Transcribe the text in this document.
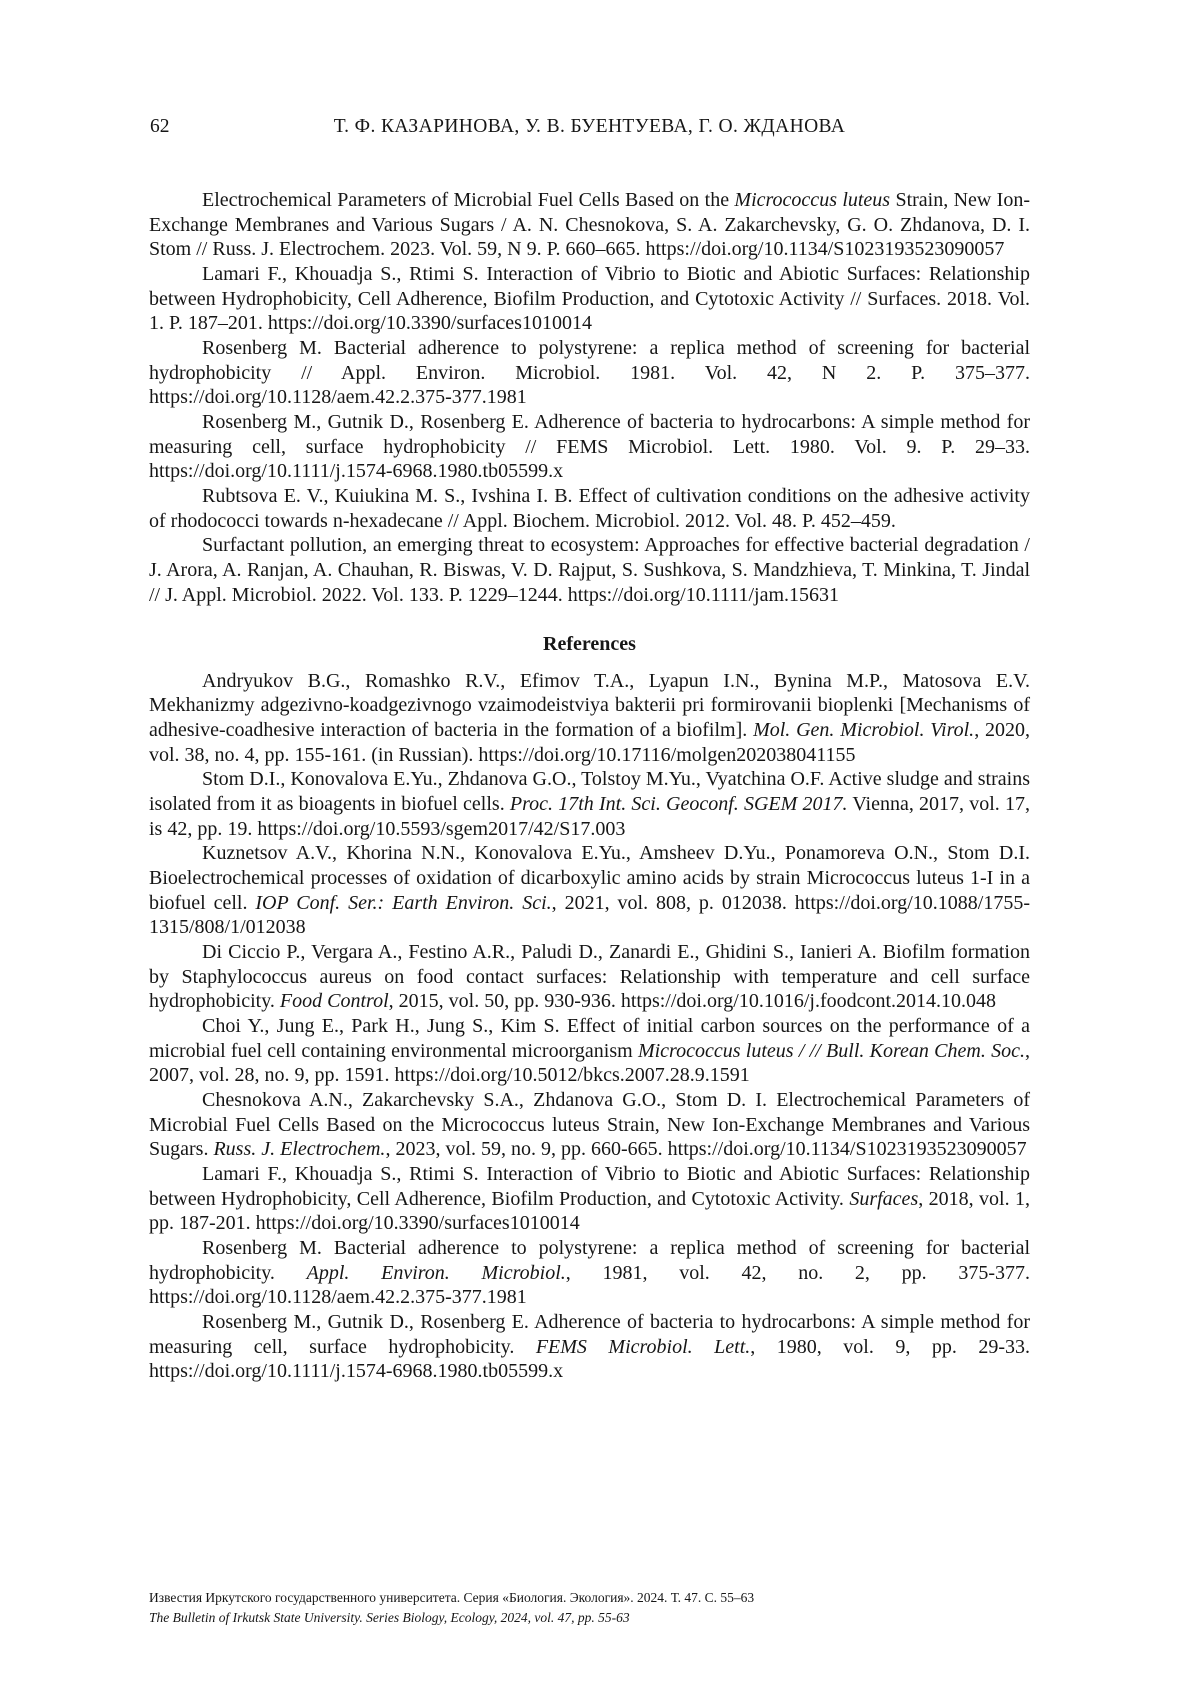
62	Т. Ф. КАЗАРИНОВА, У. В. БУЕНТУЕВА, Г. О. ЖДАНОВА

Electrochemical Parameters of Microbial Fuel Cells Based on the Micrococcus luteus Strain, New Ion-Exchange Membranes and Various Sugars / A. N. Chesnokova, S. A. Zakarchevsky, G. O. Zhdanova, D. I. Stom // Russ. J. Electrochem. 2023. Vol. 59, N 9. P. 660–665. https://doi.org/10.1134/S1023193523090057

Lamari F., Khouadja S., Rtimi S. Interaction of Vibrio to Biotic and Abiotic Surfaces: Relationship between Hydrophobicity, Cell Adherence, Biofilm Production, and Cytotoxic Activity // Surfaces. 2018. Vol. 1. P. 187–201. https://doi.org/10.3390/surfaces1010014

Rosenberg M. Bacterial adherence to polystyrene: a replica method of screening for bacterial hydrophobicity // Appl. Environ. Microbiol. 1981. Vol. 42, N 2. P. 375–377. https://doi.org/10.1128/aem.42.2.375-377.1981

Rosenberg M., Gutnik D., Rosenberg E. Adherence of bacteria to hydrocarbons: A simple method for measuring cell, surface hydrophobicity // FEMS Microbiol. Lett. 1980. Vol. 9. P. 29–33. https://doi.org/10.1111/j.1574-6968.1980.tb05599.x

Rubtsova E. V., Kuiukina M. S., Ivshina I. B. Effect of cultivation conditions on the adhesive activity of rhodococci towards n-hexadecane // Appl. Biochem. Microbiol. 2012. Vol. 48. P. 452–459.

Surfactant pollution, an emerging threat to ecosystem: Approaches for effective bacterial degradation / J. Arora, A. Ranjan, A. Chauhan, R. Biswas, V. D. Rajput, S. Sushkova, S. Mandzhieva, T. Minkina, T. Jindal // J. Appl. Microbiol. 2022. Vol. 133. P. 1229–1244. https://doi.org/10.1111/jam.15631

References

Andryukov B.G., Romashko R.V., Efimov T.A., Lyapun I.N., Bynina M.P., Matosova E.V. Mekhanizmy adgezivno-koadgezivnogo vzaimodeistviya bakterii pri formirovanii bioplenki [Mechanisms of adhesive-coadhesive interaction of bacteria in the formation of a biofilm]. Mol. Gen. Microbiol. Virol., 2020, vol. 38, no. 4, pp. 155-161. (in Russian). https://doi.org/10.17116/molgen202038041155

Stom D.I., Konovalova E.Yu., Zhdanova G.O., Tolstoy M.Yu., Vyatchina O.F. Active sludge and strains isolated from it as bioagents in biofuel cells. Proc. 17th Int. Sci. Geoconf. SGEM 2017. Vienna, 2017, vol. 17, is 42, pp. 19. https://doi.org/10.5593/sgem2017/42/S17.003

Kuznetsov A.V., Khorina N.N., Konovalova E.Yu., Amsheev D.Yu., Ponamoreva O.N., Stom D.I. Bioelectrochemical processes of oxidation of dicarboxylic amino acids by strain Micrococcus luteus 1-I in a biofuel cell. IOP Conf. Ser.: Earth Environ. Sci., 2021, vol. 808, p. 012038. https://doi.org/10.1088/1755-1315/808/1/012038

Di Ciccio P., Vergara A., Festino A.R., Paludi D., Zanardi E., Ghidini S., Ianieri A. Biofilm formation by Staphylococcus aureus on food contact surfaces: Relationship with temperature and cell surface hydrophobicity. Food Control, 2015, vol. 50, pp. 930-936. https://doi.org/10.1016/j.foodcont.2014.10.048

Choi Y., Jung E., Park H., Jung S., Kim S. Effect of initial carbon sources on the performance of a microbial fuel cell containing environmental microorganism Micrococcus luteus / // Bull. Korean Chem. Soc., 2007, vol. 28, no. 9, pp. 1591. https://doi.org/10.5012/bkcs.2007.28.9.1591

Chesnokova A.N., Zakarchevsky S.A., Zhdanova G.O., Stom D. I. Electrochemical Parameters of Microbial Fuel Cells Based on the Micrococcus luteus Strain, New Ion-Exchange Membranes and Various Sugars. Russ. J. Electrochem., 2023, vol. 59, no. 9, pp. 660-665. https://doi.org/10.1134/S1023193523090057

Lamari F., Khouadja S., Rtimi S. Interaction of Vibrio to Biotic and Abiotic Surfaces: Relationship between Hydrophobicity, Cell Adherence, Biofilm Production, and Cytotoxic Activity. Surfaces, 2018, vol. 1, pp. 187-201. https://doi.org/10.3390/surfaces1010014

Rosenberg M. Bacterial adherence to polystyrene: a replica method of screening for bacterial hydrophobicity. Appl. Environ. Microbiol., 1981, vol. 42, no. 2, pp. 375-377. https://doi.org/10.1128/aem.42.2.375-377.1981

Rosenberg M., Gutnik D., Rosenberg E. Adherence of bacteria to hydrocarbons: A simple method for measuring cell, surface hydrophobicity. FEMS Microbiol. Lett., 1980, vol. 9, pp. 29-33. https://doi.org/10.1111/j.1574-6968.1980.tb05599.x

Известия Иркутского государственного университета. Серия «Биология. Экология». 2024. Т. 47. С. 55–63
The Bulletin of Irkutsk State University. Series Biology, Ecology, 2024, vol. 47, pp. 55-63
